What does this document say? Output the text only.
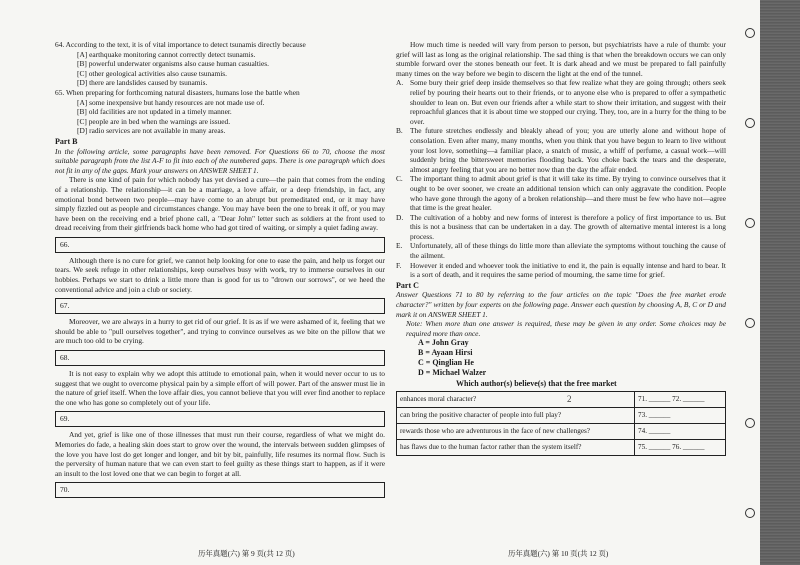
64. According to the text, it is of vital importance to detect tsunamis directly because

[A] earthquake monitoring cannot correctly detect tsunamis.

[B] powerful underwater organisms also cause human casualties.

[C] other geological activities also cause tsunamis.

[D] there are landslides caused by tsunamis.

65. When preparing for forthcoming natural disasters, humans lose the battle when

[A] some inexpensive but handy resources are not made use of.

[B] old facilities are not updated in a timely manner.

[C] people are in bed when the warnings are issued.

[D] radio services are not available in many areas.

Part B

In the following article, some paragraphs have been removed. For Questions 66 to 70, choose the most suitable paragraph from the list A-F to fit into each of the numbered gaps. There is one paragraph which does not fit in any of the gaps. Mark your answers on ANSWER SHEET 1.

There is one kind of pain for which nobody has yet devised a cure—the pain that comes from the ending of a relationship. The relationship—it can be a marriage, a love affair, or a deep friendship, in fact, any emotional bond between two people—may have come to an abrupt but premeditated end, or it may have simply fizzled out as people and circumstances change. You may have been the one to break it off, or you may have been on the receiving end a brief phone call, a "Dear John" letter such as soldiers at the front used to dread receiving from their girlfriends back home who had got tired of waiting, or simply a quiet fading away.

66.

Although there is no cure for grief, we cannot help looking for one to ease the pain, and help us forget our tears. We seek refuge in other relationships, keep ourselves busy with work, try to immerse ourselves in our hobbies. Perhaps we start to drink a little more than is good for us to "drown our sorrows", or we heed the conventional advice and join a club or society.

67.

Moreover, we are always in a hurry to get rid of our grief. It is as if we were ashamed of it, feeling that we should be able to "pull ourselves together", and trying to convince ourselves as we bite on the pillow that we are much too old to be crying.

68.

It is not easy to explain why we adopt this attitude to emotional pain, when it would never occur to us to suggest that we ought to overcome physical pain by a simple effort of will power. Part of the answer must lie in the nature of grief itself. When the love affair dies, you cannot believe that you will ever find another to replace the one who has gone so completely out of your life.

69.

And yet, grief is like one of those illnesses that must run their course, regardless of what we might do. Memories do fade, a healing skin does start to grow over the wound, the intervals between sudden glimpses of the love you have lost do get longer and longer, and bit by bit, painfully, life resumes its normal flow. Such is the perversity of human nature that we can even start to feel guilty as these things start to happen, as if it were an insult to the lost loved one that we can begin to forget at all.

70.

How much time is needed will vary from person to person, but psychiatrists have a rule of thumb: your grief will last as long as the original relationship. The sad thing is that when the breakdown occurs we can only stumble forward over the stones beneath our feet. It is dark ahead and we must be prepared to fall painfully many times on the way before we begin to discern the light at the end of the tunnel.

A. Some bury their grief deep inside themselves so that few realize what they are going through; others seek relief by pouring their hearts out to their friends, or to anyone else who is prepared to offer a sympathetic shoulder to lean on. But even our friends after a while start to show their irritation, and suggest with their reproachful glances that it is about time we stopped our crying. They, too, are in a hurry for the thing to be over.
B. The future stretches endlessly and bleakly ahead of you; you are utterly alone and without hope of consolation. Even after many, many months, when you think that you have begun to learn to live without your lost love, something—a familiar place, a snatch of music, a whiff of perfume, a casual work—will suddenly bring the bittersweet memories flooding back. You choke back the tears and the desperate, almost angry feeling that you are no better now than the day the affair ended.
C. The important thing to admit about grief is that it will take its time. By trying to convince ourselves that it ought to be over sooner, we create an additional tension which can only aggravate the condition. People who have gone through the agony of a broken relationship—and there must be few who have not—agree that time is the great healer.
D. The cultivation of a hobby and new forms of interest is therefore a policy of first importance to us. But this is not a business that can be undertaken in a day. The growth of alternative mental interest is a long process.
E.	Unfortunately, all of these things do little more than alleviate the symptoms without touching the cause of the ailment.
F.	However it ended and whoever took the initiative to end it, the pain is equally intense and hard to bear. It is a sort of death, and it requires the same period of mourning, the same time for grief.

Part C

Answer Questions 71 to 80 by referring to the four articles on the topic "Does the free market erode character?" written by four experts on the following page. Answer each question by choosing A, B, C or D and mark it on ANSWER SHEET 1.

Note: When more than one answer is required, these may be given in any order. Some choices may be required more than once.

A = John Gray

B = Ayaan Hirsi

C = Qinglian He

D = Michael Walzer

Which author(s) believe(s) that the free market

enhances moral character?	71. ______ 72. ______
can bring the positive character of people into full play?	73. ______
rewards those who are adventurous in the face of new challenges?	74. ______
has flaws due to the human factor rather than the system itself?	75. ______ 76. ______
2
历年真题(六) 第 9 页(共 12 页)	历年真题(六) 第 10 页(共 12 页)
